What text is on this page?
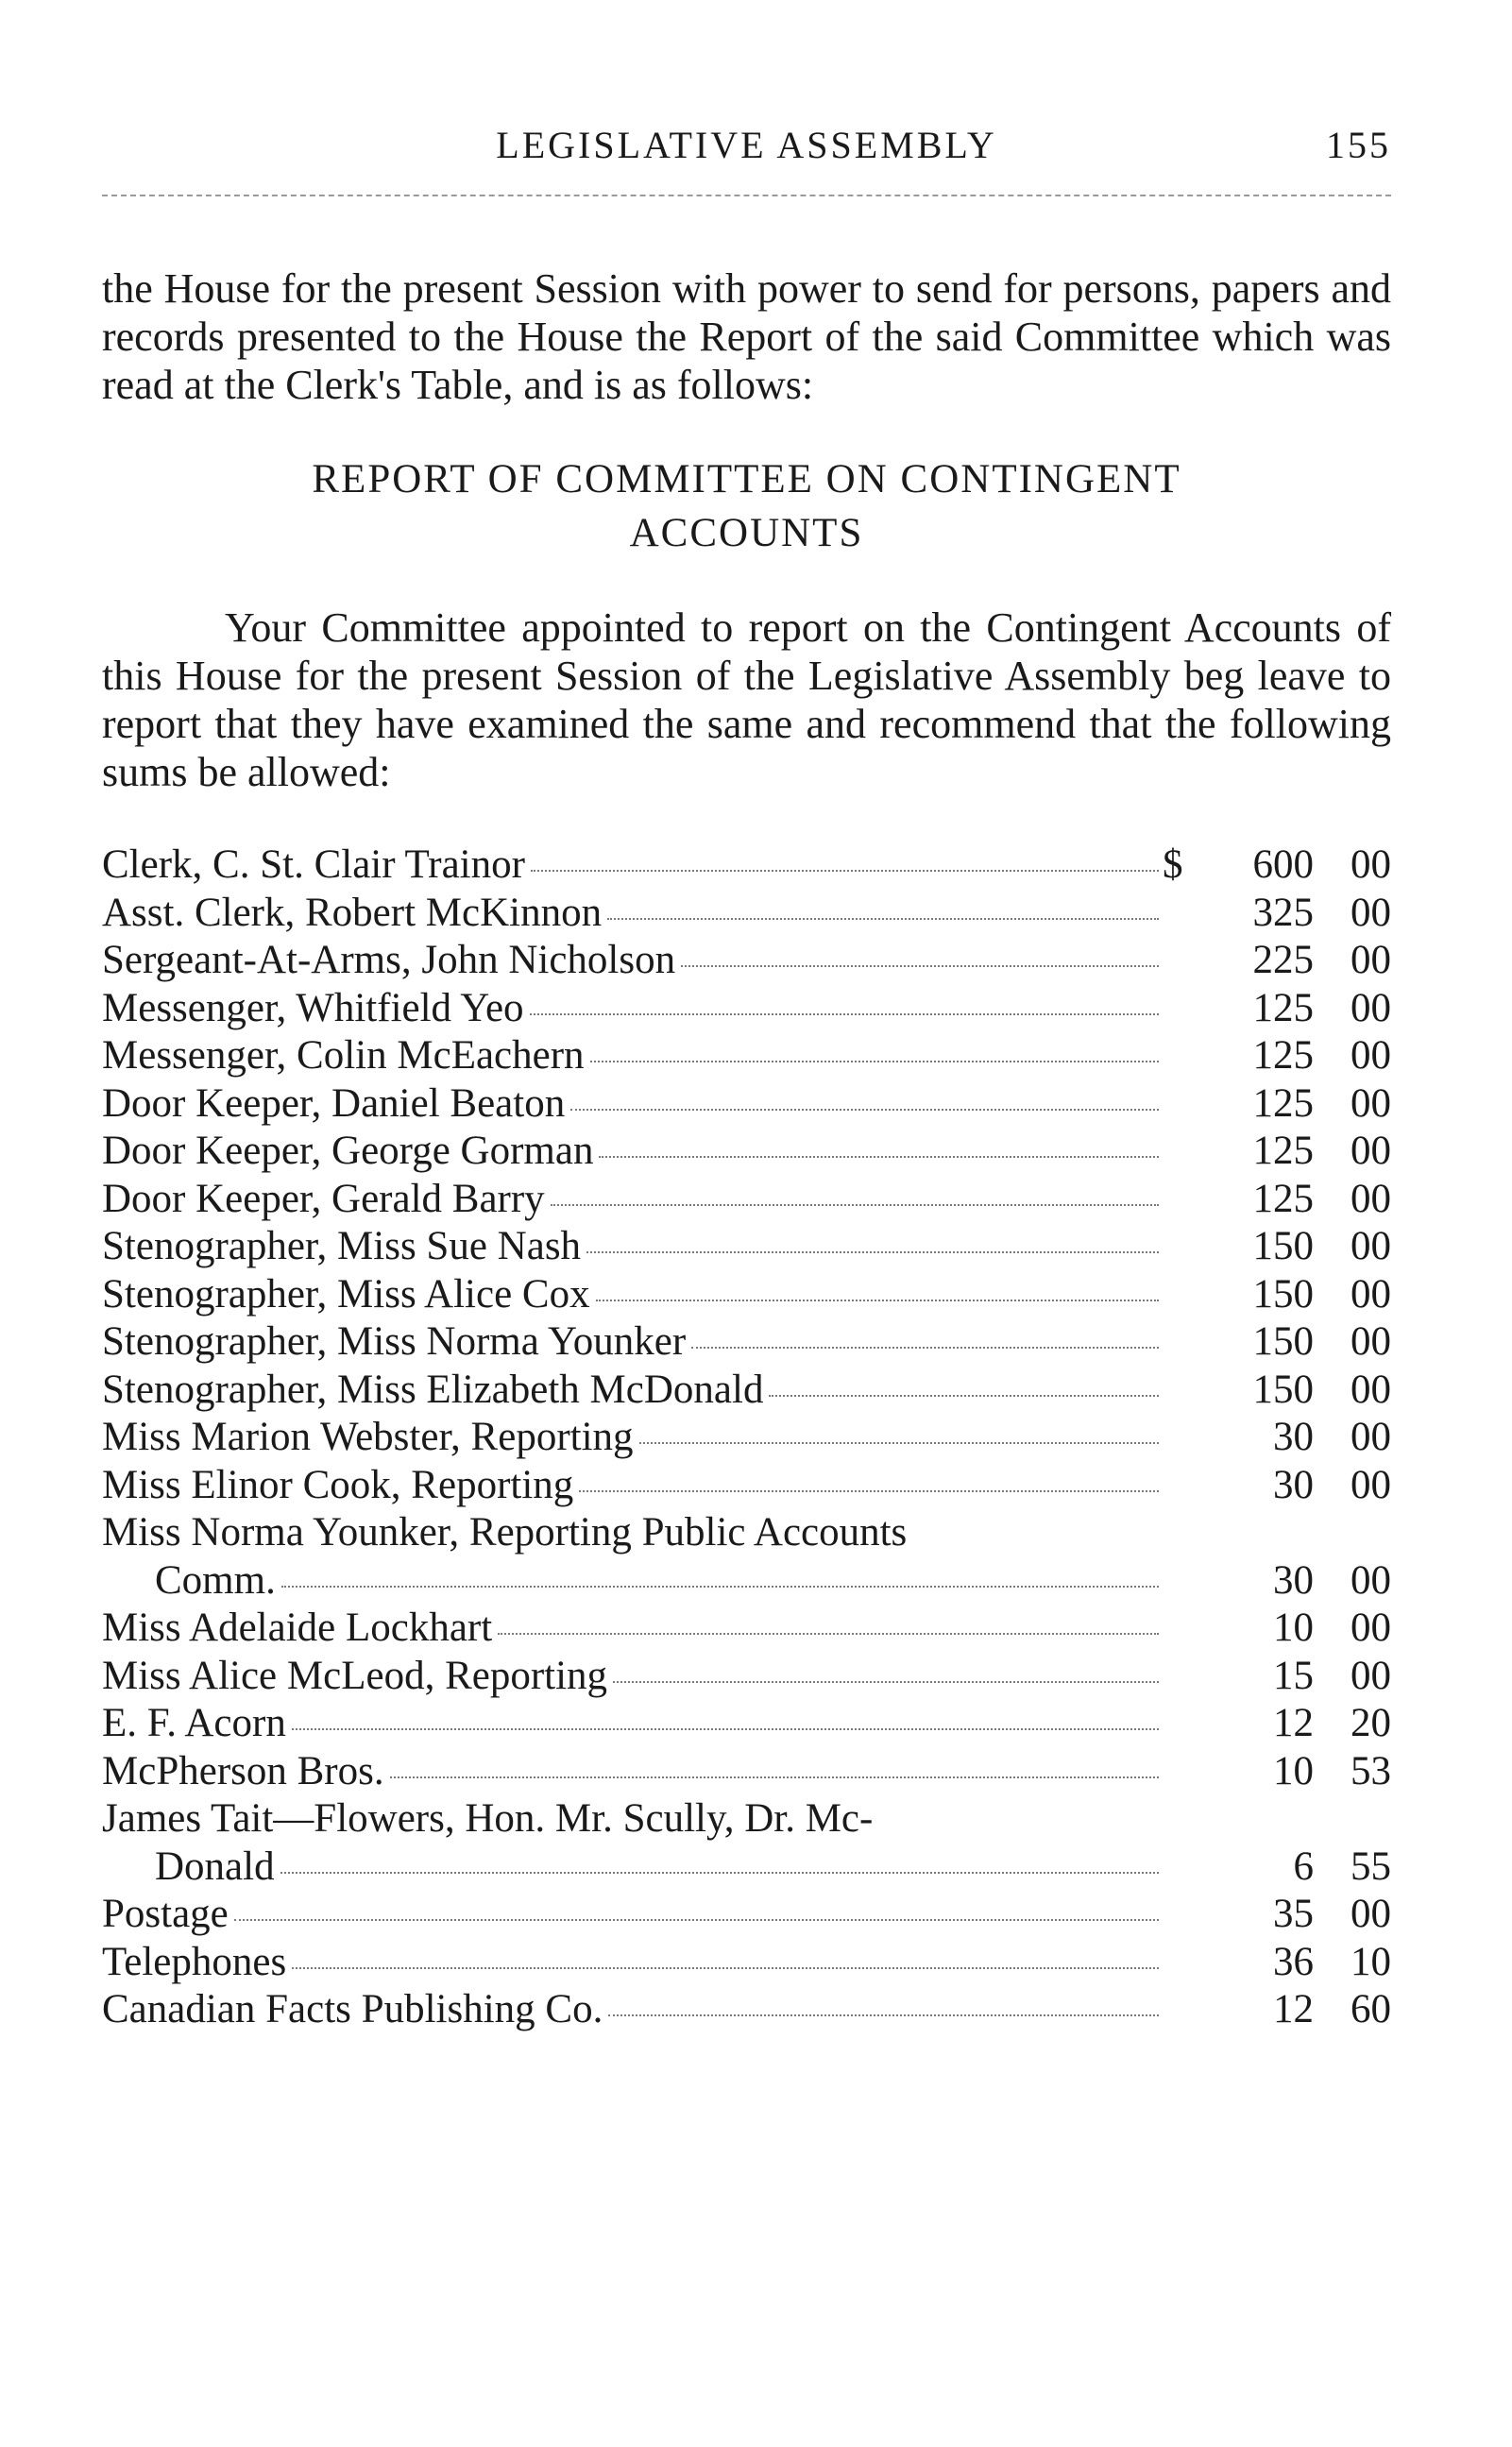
LEGISLATIVE ASSEMBLY	155

the House for the present Session with power to send for persons, papers and records presented to the House the Report of the said Committee which was read at the Clerk's Table, and is as follows:

REPORT OF COMMITTEE ON CONTINGENT
ACCOUNTS

Your Committee appointed to report on the Contingent Accounts of this House for the present Session of the Legislative Assembly beg leave to report that they have examined the same and recommend that the following sums be allowed:

Clerk, C. St. Clair Trainor	$	600 00
Asst. Clerk, Robert McKinnon	325 00
Sergeant-At-Arms, John Nicholson	225 00
Messenger, Whitfield Yeo	125 00
Messenger, Colin McEachern	125 00
Door Keeper, Daniel Beaton	125 00
Door Keeper, George Gorman	125 00
Door Keeper, Gerald Barry	125 00
Stenographer, Miss Sue Nash	150 00
Stenographer, Miss Alice Cox	150 00
Stenographer, Miss Norma Younker	150 00
Stenographer, Miss Elizabeth McDonald	150 00
Miss Marion Webster, Reporting	30 00
Miss Elinor Cook, Reporting	30 00
Miss Norma Younker, Reporting Public Accounts
Comm.	30 00
Miss Adelaide Lockhart	10 00
Miss Alice McLeod, Reporting	15 00
E. F. Acorn	12 20
McPherson Bros.	10 53
James Tait—Flowers, Hon. Mr. Scully, Dr. Mc-
Donald	6 55
Postage	35 00
Telephones	36 10
Canadian Facts Publishing Co.	12 60
